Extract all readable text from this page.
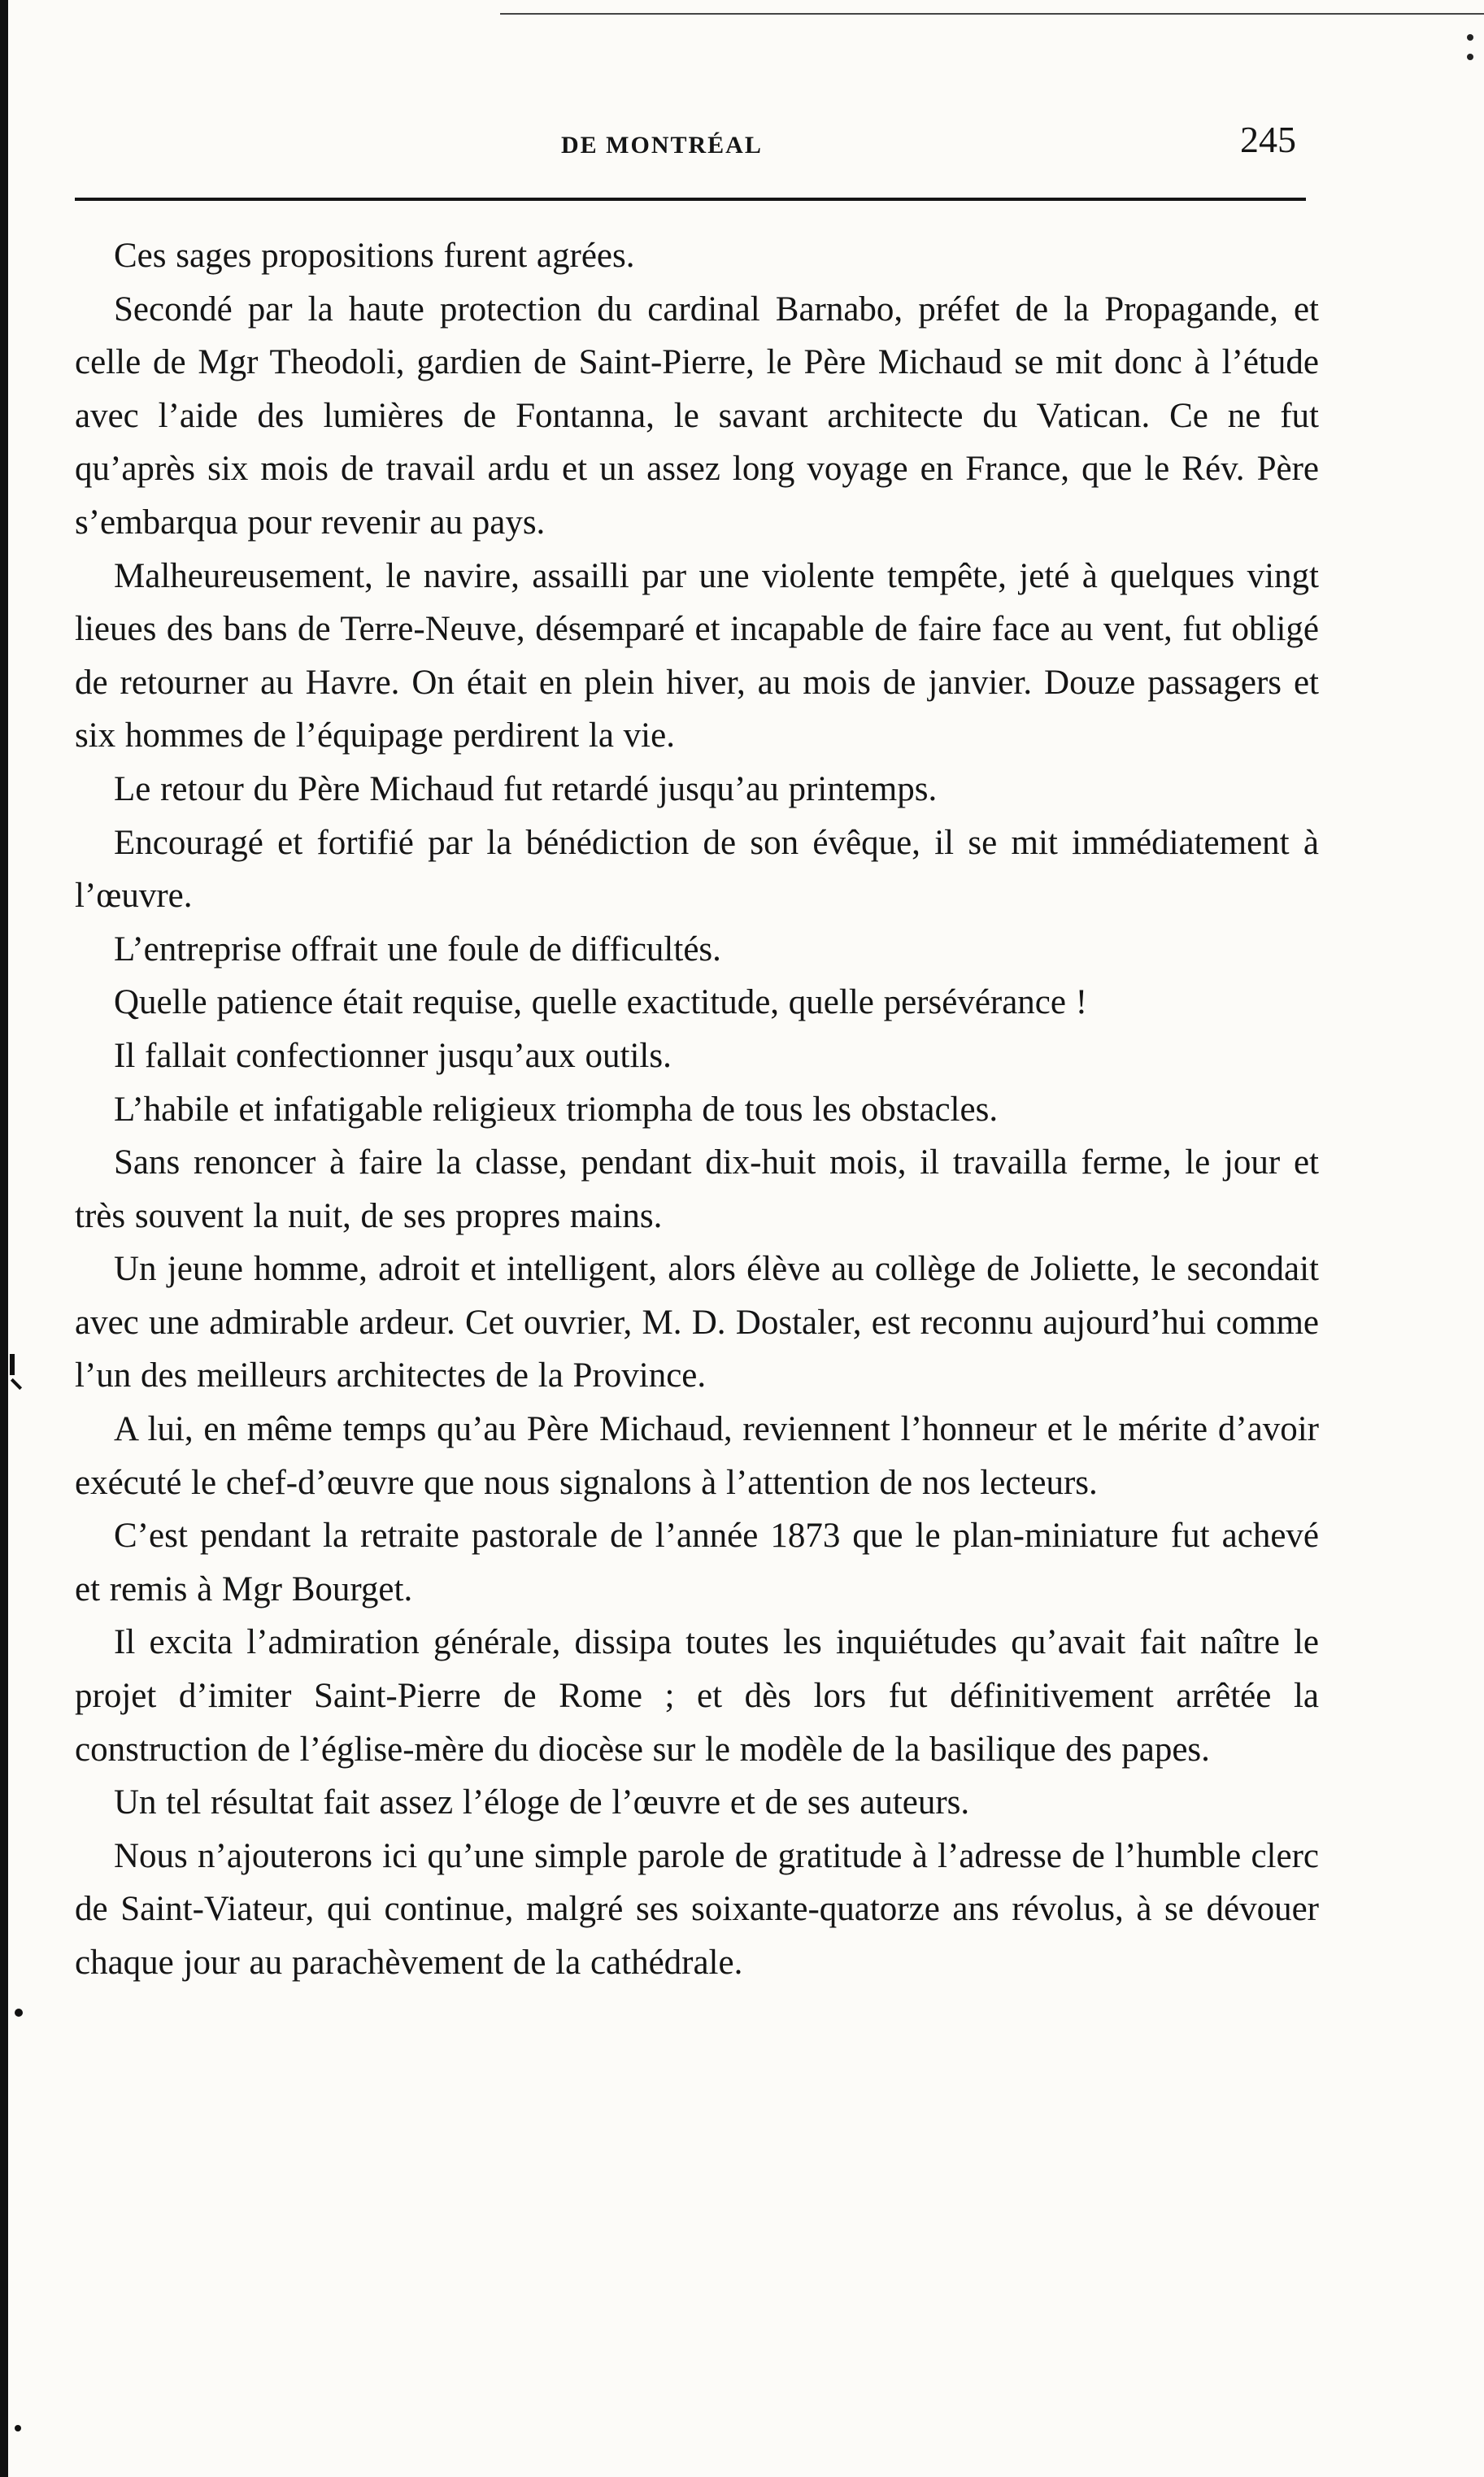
DE MONTRÉAL	245

Ces sages propositions furent agrées.

Secondé par la haute protection du cardinal Barnabo, préfet de la Propagande, et celle de Mgr Theodoli, gardien de Saint-Pierre, le Père Michaud se mit donc à l’étude avec l’aide des lumières de Fontanna, le savant architecte du Vatican. Ce ne fut qu’après six mois de travail ardu et un assez long voyage en France, que le Rév. Père s’embarqua pour revenir au pays.

Malheureusement, le navire, assailli par une violente tempête, jeté à quelques vingt lieues des bans de Terre-Neuve, désemparé et incapable de faire face au vent, fut obligé de retourner au Havre. On était en plein hiver, au mois de janvier. Douze passagers et six hommes de l’équipage perdirent la vie.

Le retour du Père Michaud fut retardé jusqu’au printemps.

Encouragé et fortifié par la bénédiction de son évêque, il se mit immédiatement à l’œuvre.

L’entreprise offrait une foule de difficultés.

Quelle patience était requise, quelle exactitude, quelle persévérance !

Il fallait confectionner jusqu’aux outils.

L’habile et infatigable religieux triompha de tous les obstacles.

Sans renoncer à faire la classe, pendant dix-huit mois, il travailla ferme, le jour et très souvent la nuit, de ses propres mains.

Un jeune homme, adroit et intelligent, alors élève au collège de Joliette, le secondait avec une admirable ardeur. Cet ouvrier, M. D. Dostaler, est reconnu aujourd’hui comme l’un des meilleurs architectes de la Province.

A lui, en même temps qu’au Père Michaud, reviennent l’honneur et le mérite d’avoir exécuté le chef-d’œuvre que nous signalons à l’attention de nos lecteurs.

C’est pendant la retraite pastorale de l’année 1873 que le plan-miniature fut achevé et remis à Mgr Bourget.

Il excita l’admiration générale, dissipa toutes les inquiétudes qu’avait fait naître le projet d’imiter Saint-Pierre de Rome ; et dès lors fut définitivement arrêtée la construction de l’église-mère du diocèse sur le modèle de la basilique des papes.

Un tel résultat fait assez l’éloge de l’œuvre et de ses auteurs.

Nous n’ajouterons ici qu’une simple parole de gratitude à l’adresse de l’humble clerc de Saint-Viateur, qui continue, malgré ses soixante-quatorze ans révolus, à se dévouer chaque jour au parachèvement de la cathédrale.
